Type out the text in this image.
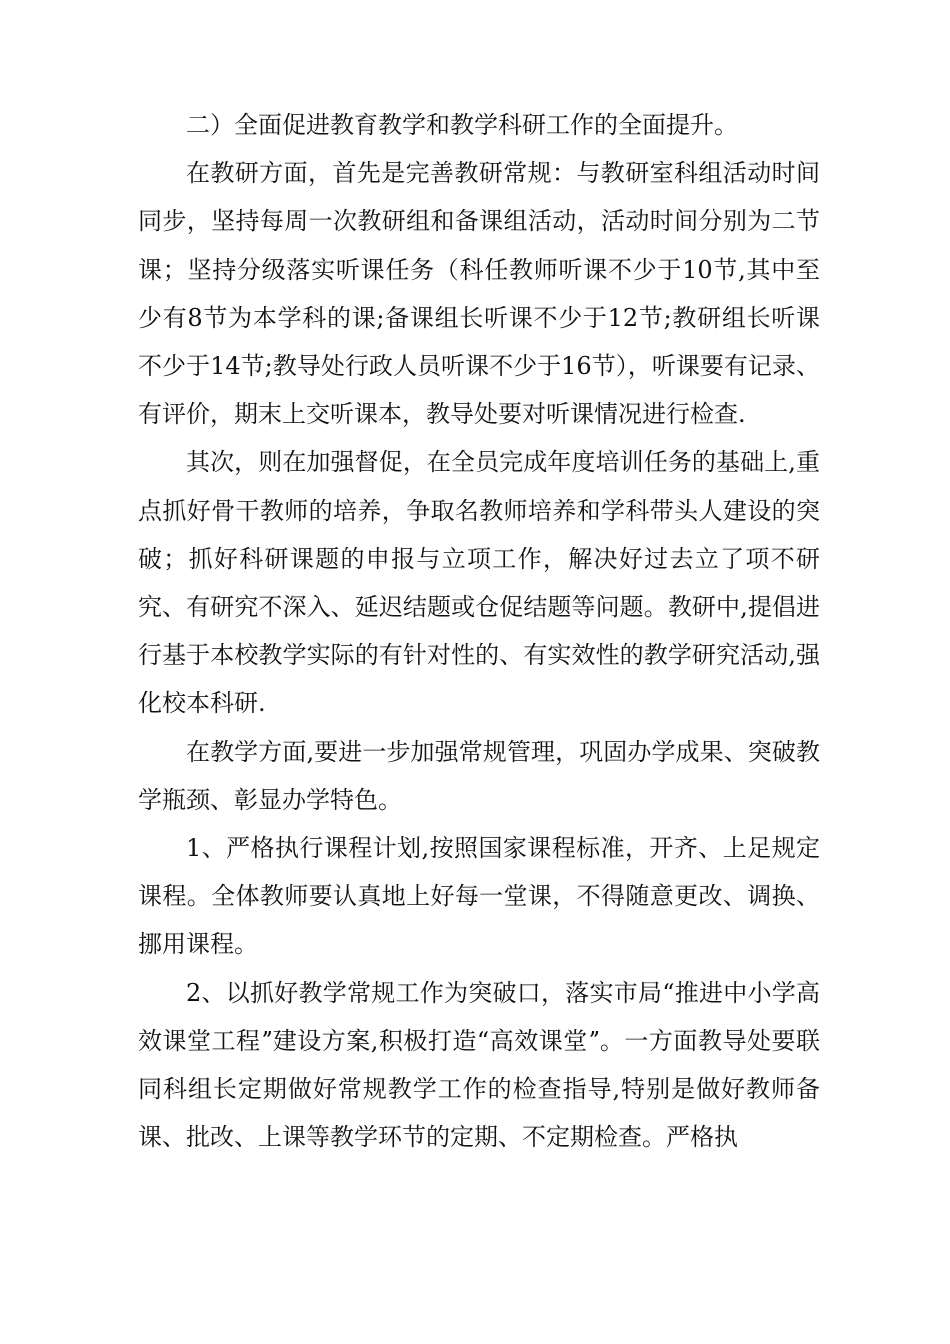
二）全面促进教育教学和教学科研工作的全面提升。

在教研方面，首先是完善教研常规：与教研室科组活动时间同步，坚持每周一次教研组和备课组活动，活动时间分别为二节课；坚持分级落实听课任务（科任教师听课不少于10节,其中至少有8节为本学科的课;备课组长听课不少于12节;教研组长听课不少于14节;教导处行政人员听课不少于16节），听课要有记录、有评价，期末上交听课本，教导处要对听课情况进行检查.

其次，则在加强督促，在全员完成年度培训任务的基础上,重点抓好骨干教师的培养，争取名教师培养和学科带头人建设的突破；抓好科研课题的申报与立项工作，解决好过去立了项不研究、有研究不深入、延迟结题或仓促结题等问题。教研中,提倡进行基于本校教学实际的有针对性的、有实效性的教学研究活动,强化校本科研.

在教学方面,要进一步加强常规管理，巩固办学成果、突破教学瓶颈、彰显办学特色。

1、严格执行课程计划,按照国家课程标准，开齐、上足规定课程。全体教师要认真地上好每一堂课，不得随意更改、调换、挪用课程。

2、以抓好教学常规工作为突破口，落实市局“推进中小学高效课堂工程ˮ建设方案,积极打造“高效课堂ˮ。一方面教导处要联同科组长定期做好常规教学工作的检查指导,特别是做好教师备课、批改、上课等教学环节的定期、不定期检查。严格执
